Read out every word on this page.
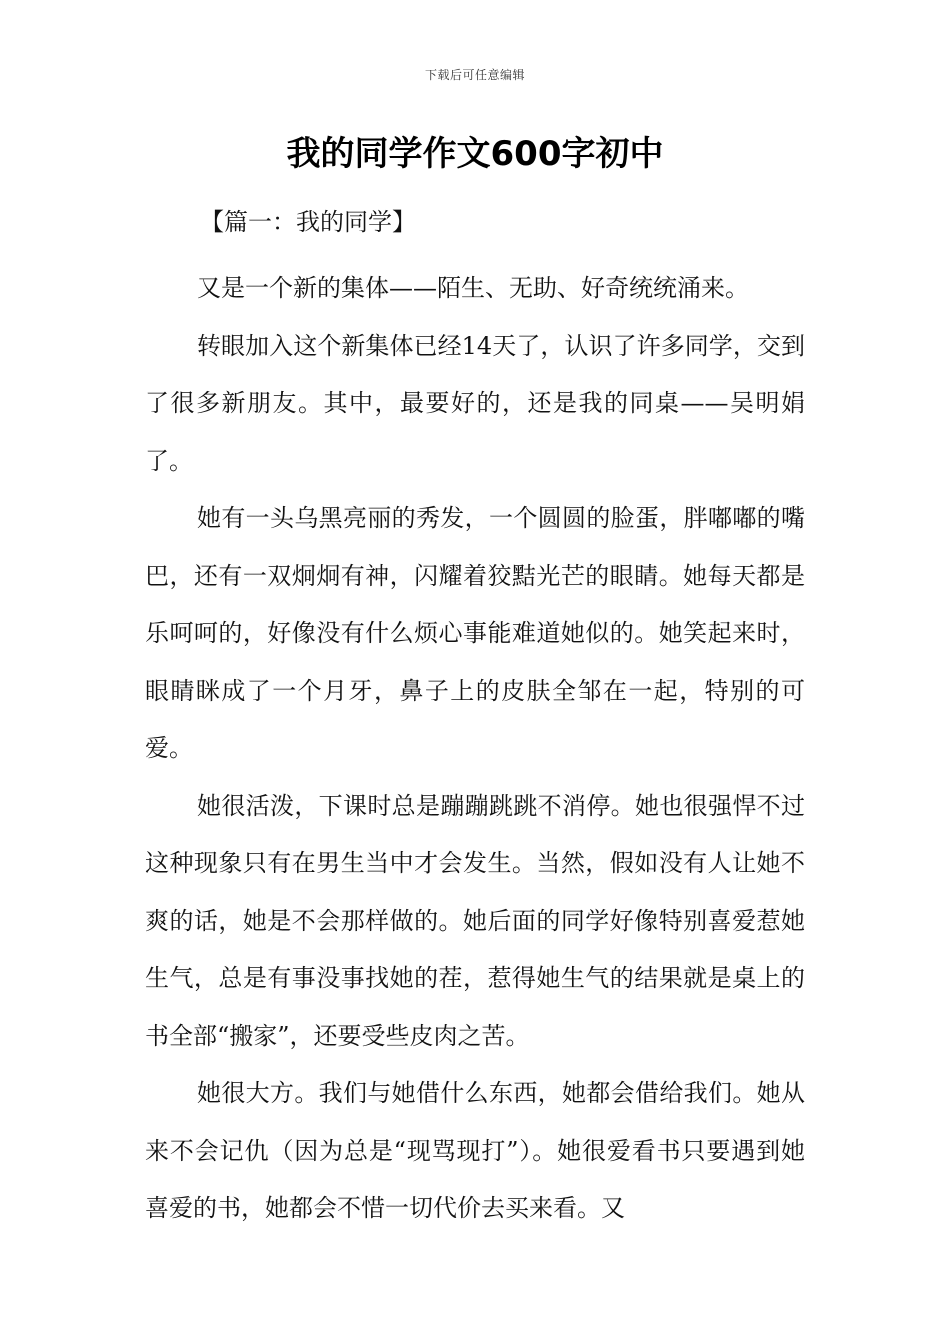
下载后可任意编辑
我的同学作文600字初中
【篇一：我的同学】

又是一个新的集体——陌生、无助、好奇统统涌来。

转眼加入这个新集体已经14天了，认识了许多同学，交到了很多新朋友。其中，最要好的，还是我的同桌——吴明娟了。

她有一头乌黑亮丽的秀发，一个圆圆的脸蛋，胖嘟嘟的嘴巴，还有一双炯炯有神，闪耀着狡黠光芒的眼睛。她每天都是乐呵呵的，好像没有什么烦心事能难道她似的。她笑起来时，眼睛眯成了一个月牙，鼻子上的皮肤全邹在一起，特别的可爱。

她很活泼，下课时总是蹦蹦跳跳不消停。她也很强悍不过这种现象只有在男生当中才会发生。当然，假如没有人让她不爽的话，她是不会那样做的。她后面的同学好像特别喜爱惹她生气，总是有事没事找她的茬，惹得她生气的结果就是桌上的书全部“搬家”，还要受些皮肉之苦。

她很大方。我们与她借什么东西，她都会借给我们。她从来不会记仇（因为总是“现骂现打”）。她很爱看书只要遇到她喜爱的书，她都会不惜一切代价去买来看。又
